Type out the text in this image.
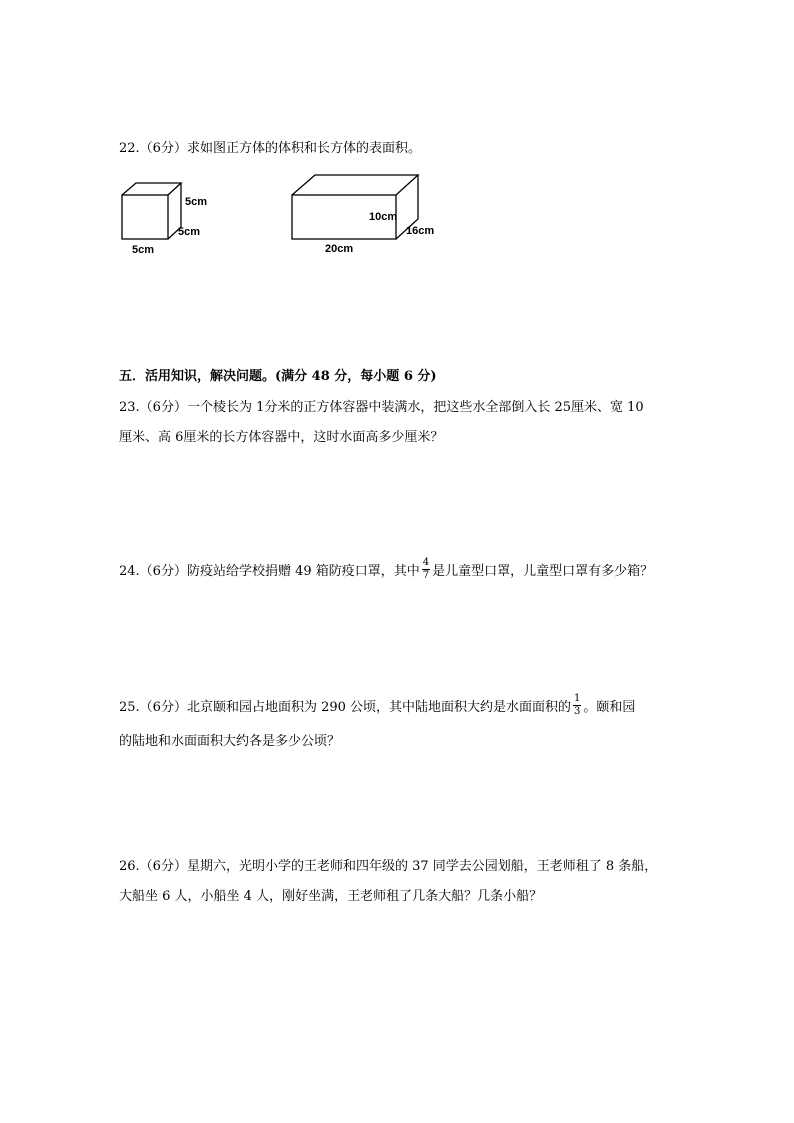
22.（6分）求如图正方体的体积和长方体的表面积。
5cm
5cm
5cm
10cm
16cm
20cm
五．活用知识，解决问题。(满分 48 分，每小题 6 分)
23.（6分）一个棱长为 1分米的正方体容器中装满水，把这些水全部倒入长 25厘米、宽 10
厘米、高 6厘米的长方体容器中，这时水面高多少厘米？
24.（6分）防疫站给学校捐赠 49 箱防疫口罩，其中 $\frac{4}{7}$ 是儿童型口罩，儿童型口罩有多少箱？
25.（6分）北京颐和园占地面积为 290 公顷，其中陆地面积大约是水面面积的 $\frac{1}{3}$ 。颐和园
的陆地和水面面积大约各是多少公顷？
26.（6分）星期六，光明小学的王老师和四年级的 37 同学去公园划船，王老师租了 8 条船，
大船坐 6 人，小船坐 4 人，刚好坐满，王老师租了几条大船？几条小船？
